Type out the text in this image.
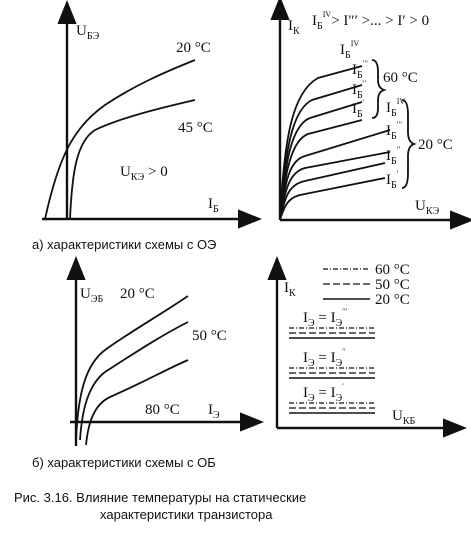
$U_{БЭ}$
$I_Б$
20 °C
45 °C
$U_{КЭ} > 0$
$I_К$
$I_Б^{IV}> I'''$ >... > I′ > 0
$U_{КЭ}$
60 °C
20 °C
$I_Б^{IV}$
$I_Б'''$
$I_Б''$
$I_Б'$ $I_Б^{IV}$
$I_Б'''$
$I_Б''$
$I_Б'$
$U_{ЭБ}$
$I_Э$
20 °C
50 °C
80 °C
60 °C
50 °C
20 °C
$I_К$
$U_{КБ}$
$I_Э = I_Э'''$
$I_Э = I_Э''$
$I_Э = I_Э'$
а) характеристики схемы с ОЭ
б) характеристики схемы с ОБ
Рис. 3.16. Влияние температуры на статические
характеристики транзистора
